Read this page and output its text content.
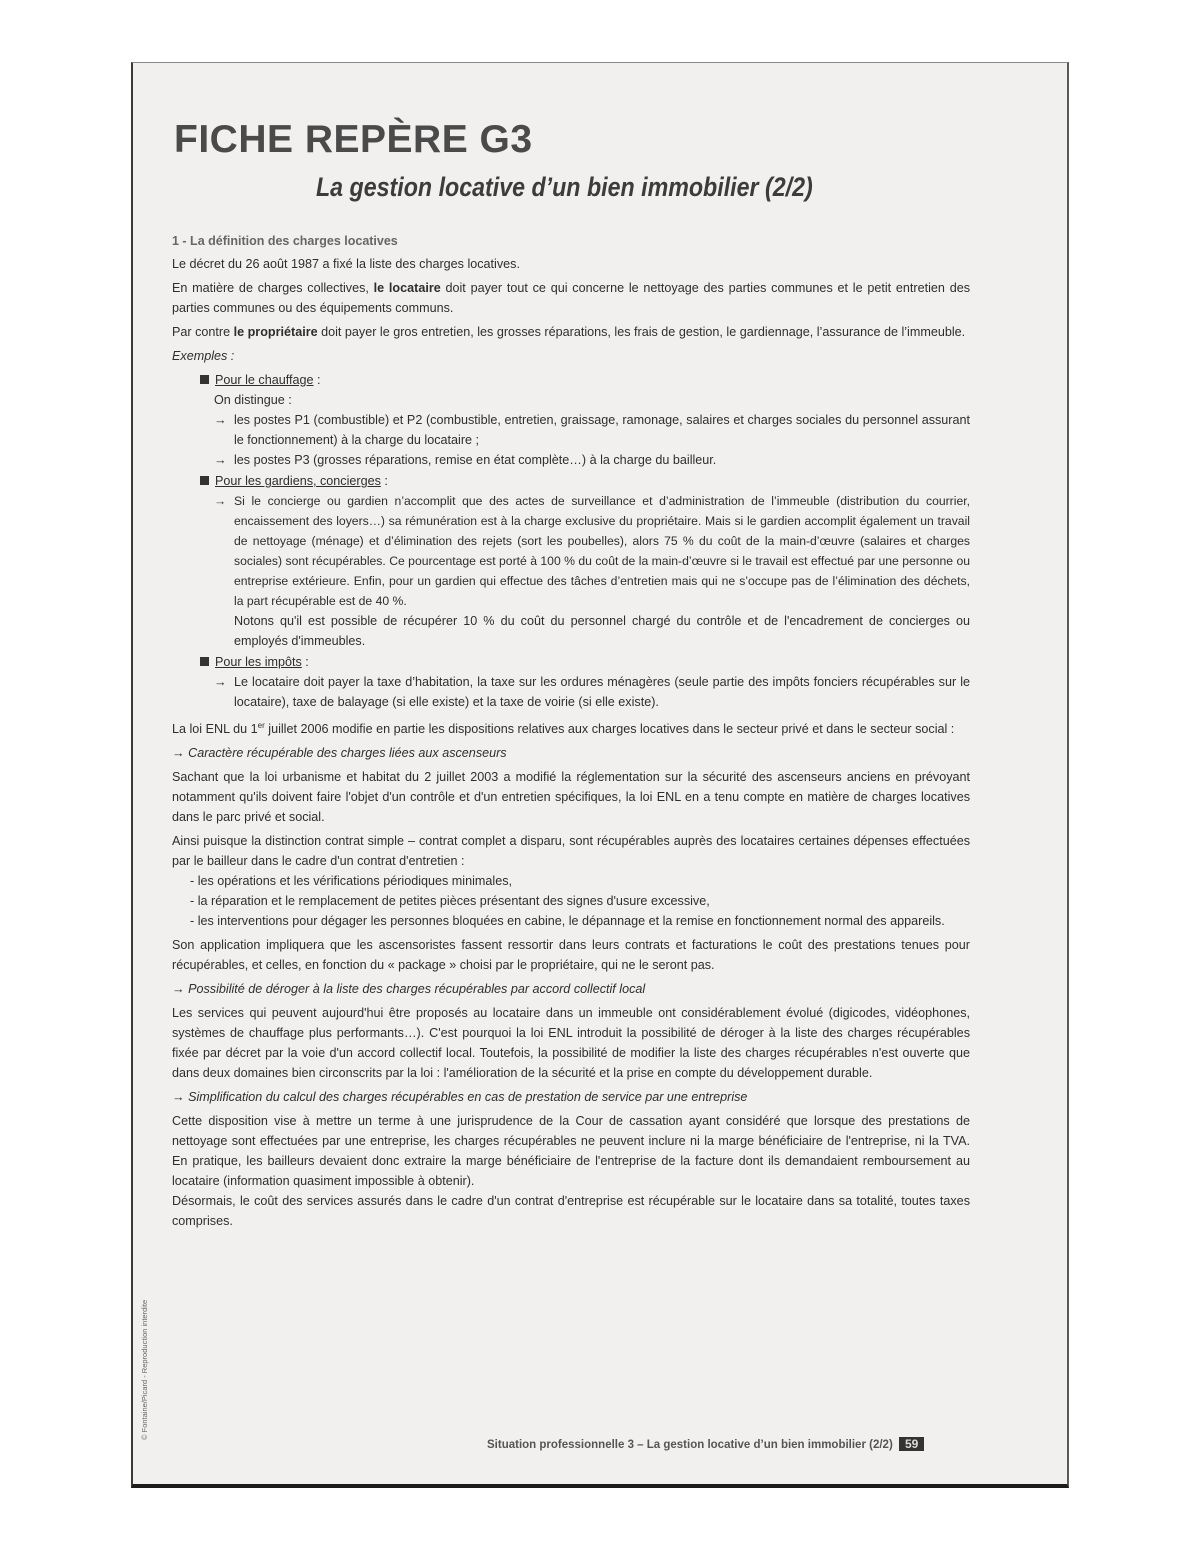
FICHE REPÈRE G3
La gestion locative d’un bien immobilier (2/2)

1 - La définition des charges locatives

Le décret du 26 août 1987 a fixé la liste des charges locatives.

En matière de charges collectives, le locataire doit payer tout ce qui concerne le nettoyage des parties communes et le petit entretien des parties communes ou des équipements communs.

Par contre le propriétaire doit payer le gros entretien, les grosses réparations, les frais de gestion, le gardiennage, l’assurance de l’immeuble.

Exemples :

Pour le chauffage :
On distingue :
→ les postes P1 (combustible) et P2 (combustible, entretien, graissage, ramonage, salaires et charges sociales du personnel assurant le fonctionnement) à la charge du locataire ;
→ les postes P3 (grosses réparations, remise en état complète…) à la charge du bailleur.
Pour les gardiens, concierges :
→ Si le concierge ou gardien n’accomplit que des actes de surveillance et d’administration de l’immeuble (distribution du courrier, encaissement des loyers…) sa rémunération est à la charge exclusive du propriétaire. Mais si le gardien accomplit également un travail de nettoyage (ménage) et d’élimination des rejets (sort les poubelles), alors 75 % du coût de la main-d’œuvre (salaires et charges sociales) sont récupérables. Ce pourcentage est porté à 100 % du coût de la main-d’œuvre si le travail est effectué par une personne ou entreprise extérieure. Enfin, pour un gardien qui effectue des tâches d’entretien mais qui ne s’occupe pas de l’élimination des déchets, la part récupérable est de 40 %.
Notons qu'il est possible de récupérer 10 % du coût du personnel chargé du contrôle et de l'encadrement de concierges ou employés d'immeubles.
Pour les impôts :
→ Le locataire doit payer la taxe d’habitation, la taxe sur les ordures ménagères (seule partie des impôts fonciers récupérables sur le locataire), taxe de balayage (si elle existe) et la taxe de voirie (si elle existe).

La loi ENL du 1er juillet 2006 modifie en partie les dispositions relatives aux charges locatives dans le secteur privé et dans le secteur social :

→ Caractère récupérable des charges liées aux ascenseurs

Sachant que la loi urbanisme et habitat du 2 juillet 2003 a modifié la réglementation sur la sécurité des ascenseurs anciens en prévoyant notamment qu'ils doivent faire l'objet d'un contrôle et d'un entretien spécifiques, la loi ENL en a tenu compte en matière de charges locatives dans le parc privé et social.

Ainsi puisque la distinction contrat simple – contrat complet a disparu, sont récupérables auprès des locataires certaines dépenses effectuées par le bailleur dans le cadre d'un contrat d'entretien :

- les opérations et les vérifications périodiques minimales,
- la réparation et le remplacement de petites pièces présentant des signes d'usure excessive,
- les interventions pour dégager les personnes bloquées en cabine, le dépannage et la remise en fonctionnement normal des appareils.

Son application impliquera que les ascensoristes fassent ressortir dans leurs contrats et facturations le coût des prestations tenues pour récupérables, et celles, en fonction du « package » choisi par le propriétaire, qui ne le seront pas.

→ Possibilité de déroger à la liste des charges récupérables par accord collectif local

Les services qui peuvent aujourd'hui être proposés au locataire dans un immeuble ont considérablement évolué (digicodes, vidéophones, systèmes de chauffage plus performants…). C'est pourquoi la loi ENL introduit la possibilité de déroger à la liste des charges récupérables fixée par décret par la voie d'un accord collectif local. Toutefois, la possibilité de modifier la liste des charges récupérables n'est ouverte que dans deux domaines bien circonscrits par la loi : l'amélioration de la sécurité et la prise en compte du développement durable.

→ Simplification du calcul des charges récupérables en cas de prestation de service par une entreprise

Cette disposition vise à mettre un terme à une jurisprudence de la Cour de cassation ayant considéré que lorsque des prestations de nettoyage sont effectuées par une entreprise, les charges récupérables ne peuvent inclure ni la marge bénéficiaire de l'entreprise, ni la TVA. En pratique, les bailleurs devaient donc extraire la marge bénéficiaire de l'entreprise de la facture dont ils demandaient remboursement au locataire (information quasiment impossible à obtenir).

Désormais, le coût des services assurés dans le cadre d'un contrat d'entreprise est récupérable sur le locataire dans sa totalité, toutes taxes comprises.

© Fontaine/Picard - Reproduction interdite
Situation professionnelle 3 – La gestion locative d’un bien immobilier (2/2) 59
